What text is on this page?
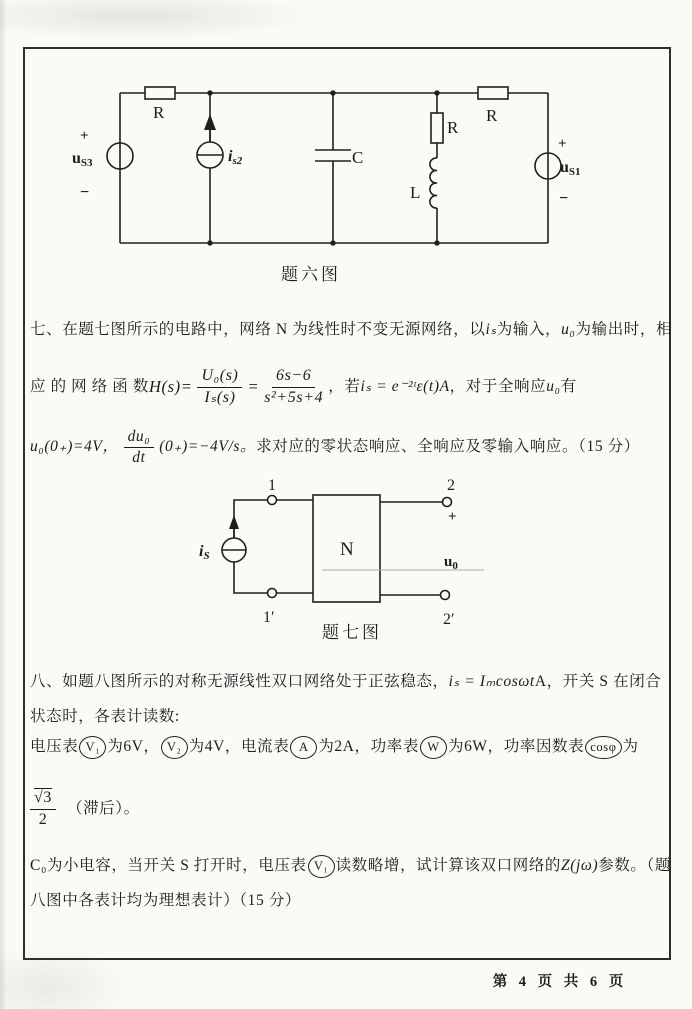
R
R
R
C
L
+
uS3
−
is2
+
uS1
−
题六图
1
1′
2
2′
+
N
iS	$u_0$
题七图
七、在题七图所示的电路中，网络 N 为线性时不变无源网络，以iₛ为输入，u₀为输出时，相
应 的 网 络 函 数 $H(s)= \frac{\text{U₀(s)}}{\text{Iₛ(s)}} = \frac{6s-6}{\text{s²+5s+4}}$ ，若 iₛ = e⁻²ᵗε(t)A ，对于全响应 u₀ 有
u₀(0₊)=4V， $\frac{\text{du₀}}{dt} (0_+)=-4V/s$。 求对应的零状态响应、全响应及零输入响应。（15 分）
八、如题八图所示的对称无源线性双口网络处于正弦稳态，iₛ = IₘcosωtA，开关 S 在闭合
状态时，各表计读数:
电压表 V₁ 为6V， V₂ 为4V，电流表 A 为2A，功率表 W 为6W，功率因数表 cosφ 为
$\frac{√3}{2}$ （滞后）。
C₀为小电容，当开关 S 打开时，电压表 V₁ 读数略增，试计算该双口网络的 Z(jω) 参数。（题
八图中各表计均为理想表计）（15 分）
第 4 页 共 6 页
